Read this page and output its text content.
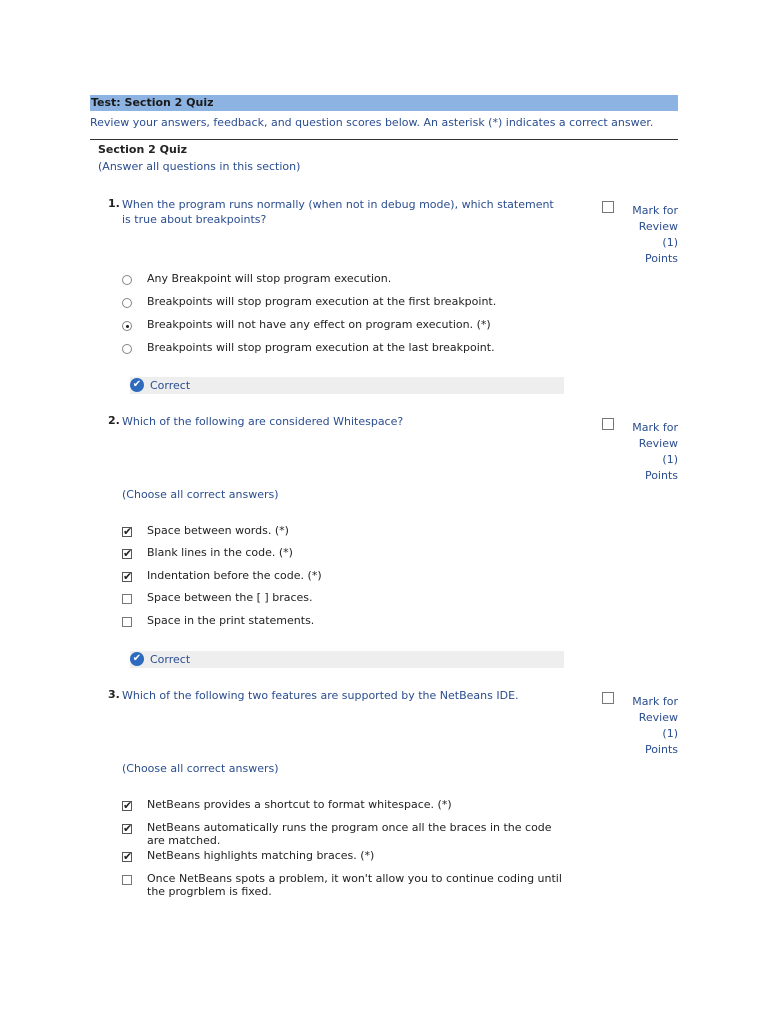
Test: Section 2 Quiz
Review your answers, feedback, and question scores below. An asterisk (*) indicates a correct answer.
Section 2 Quiz
(Answer all questions in this section)
1. When the program runs normally (when not in debug mode), which statement is true about breakpoints?
Mark for
Review
(1) Points
Any Breakpoint will stop program execution.
Breakpoints will stop program execution at the first breakpoint.
Breakpoints will not have any effect on program execution. (*)
Breakpoints will stop program execution at the last breakpoint.
✔ Correct
2. Which of the following are considered Whitespace?	Mark for
Review
(1) Points
(Choose all correct answers)
✔
Space between words. (*)
✔
Blank lines in the code. (*)
✔
Indentation before the code. (*)
Space between the [ ] braces.
Space in the print statements.
✔ Correct
3. Which of the following two features are supported by the NetBeans IDE.	Mark for
Review
(1) Points
(Choose all correct answers)
✔
NetBeans provides a shortcut to format whitespace. (*)
✔
NetBeans automatically runs the program once all the braces in the code are matched.
✔
NetBeans highlights matching braces. (*)
Once NetBeans spots a problem, it won't allow you to continue coding until the progrblem is fixed.
